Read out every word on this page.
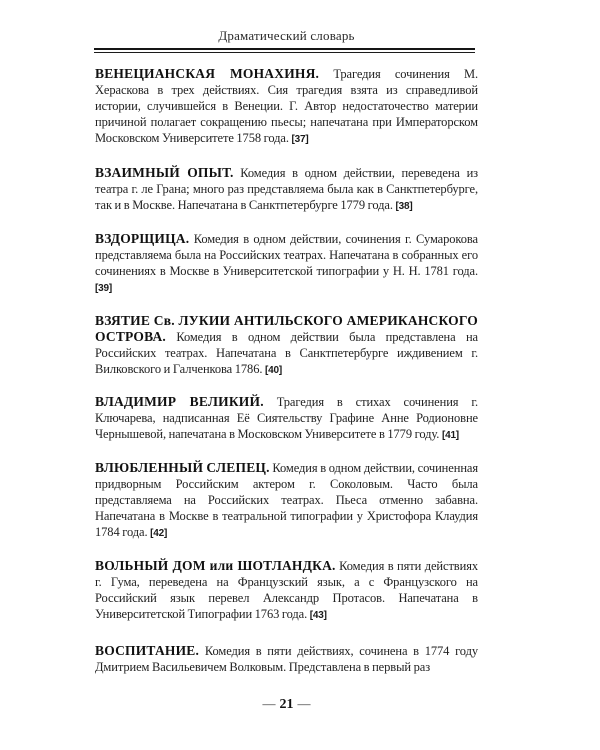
Драматический словарь

ВЕНЕЦИАНСКАЯ МОНАХИНЯ. Трагедия сочинения М. Хераскова в трех действиях. Сия трагедия взята из справедливой истории, случившейся в Венеции. Г. Автор недостаточество материи причиной полагает сокращению пьесы; напечатана при Императорском Московском Университете 1758 года. [37]

ВЗАИМНЫЙ ОПЫТ. Комедия в одном действии, переведена из театра г. ле Грана; много раз представляема была как в Санктпетербурге, так и в Москве. Напечатана в Санктпетербурге 1779 года. [38]

ВЗДОРЩИЦА. Комедия в одном действии, сочинения г. Сумарокова представляема была на Российских театрах. Напечатана в собранных его сочинениях в Москве в Университетской типографии у Н. Н. 1781 года. [39]

ВЗЯТИЕ Св. ЛУКИИ АНТИЛЬСКОГО АМЕРИКАНСКОГО ОСТРОВА. Комедия в одном действии была представлена на Российских театрах. Напечатана в Санктпетербурге иждивением г. Вилковского и Галченкова 1786. [40]

ВЛАДИМИР ВЕЛИКИЙ. Трагедия в стихах сочинения г. Ключарева, надписанная Её Сиятельству Графине Анне Родионовне Чернышевой, напечатана в Московском Университете в 1779 году. [41]

ВЛЮБЛЕННЫЙ СЛЕПЕЦ. Комедия в одном действии, сочиненная придворным Российским актером г. Соколовым. Часто была представляема на Российских театрах. Пьеса отменно забавна. Напечатана в Москве в театральной типографии у Христофора Клаудия 1784 года. [42]

ВОЛЬНЫЙ ДОМ или ШОТЛАНДКА. Комедия в пяти действиях г. Гума, переведена на Французский язык, а с Французского на Российский язык перевел Александр Протасов. Напечатана в Университетской Типографии 1763 года. [43]

ВОСПИТАНИЕ. Комедия в пяти действиях, сочинена в 1774 году Дмитрием Васильевичем Волковым. Представлена в первый раз

— 21 —
